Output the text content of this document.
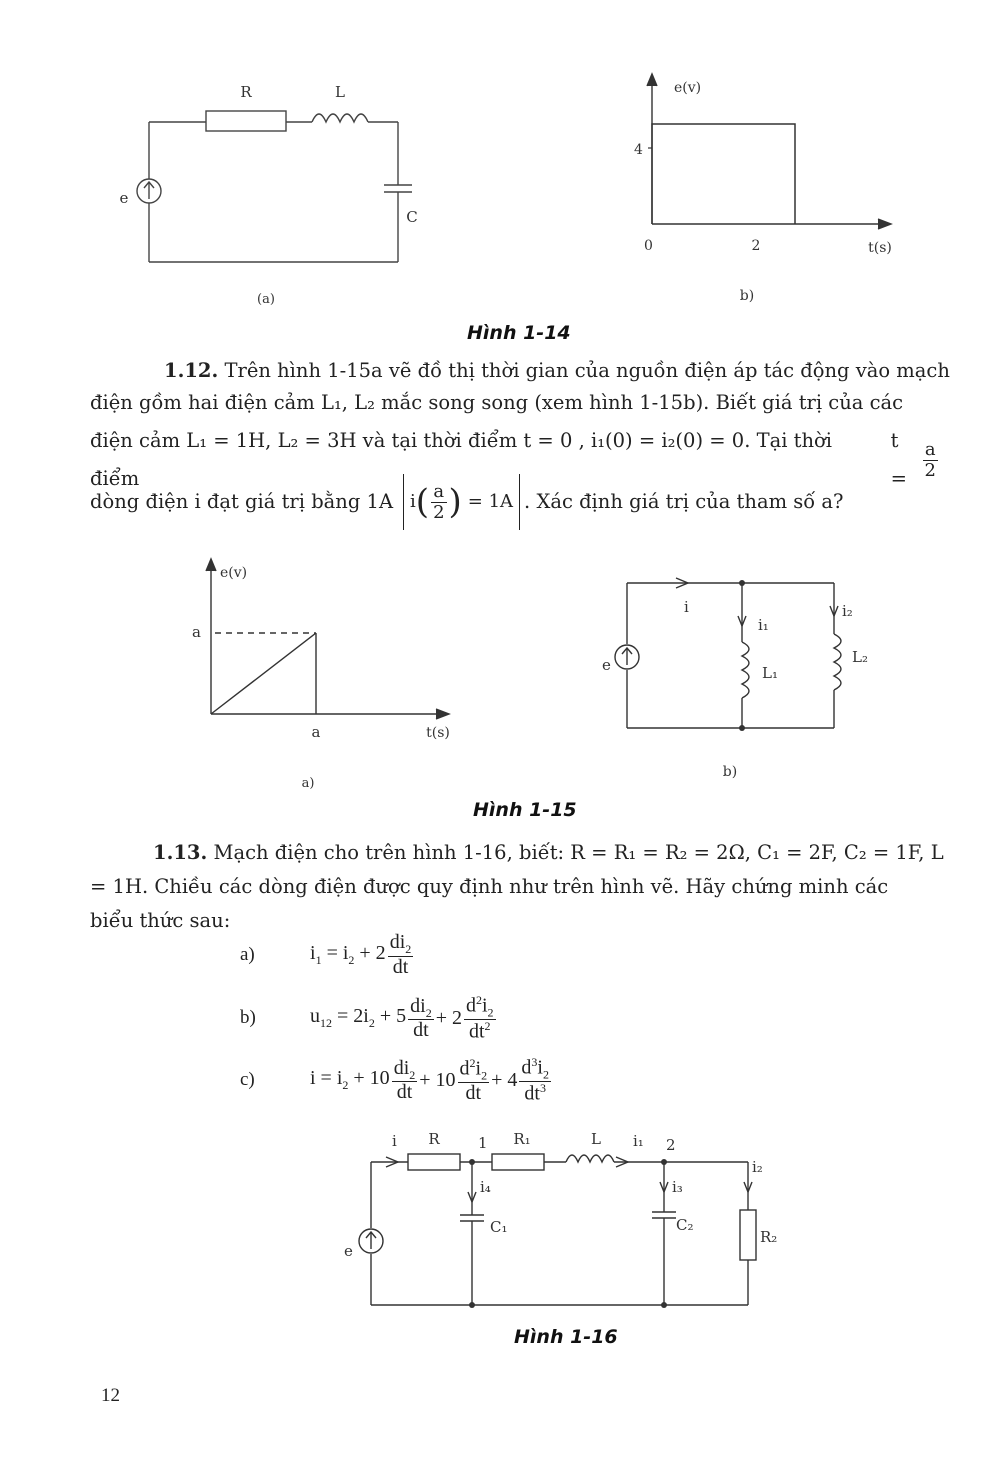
R	L
C
e
(a)
e(v)
t(s)
4
0	2
b)
Hình 1-14
1.12. Trên hình 1-15a vẽ đồ thị thời gian của nguồn điện áp tác động vào mạch
điện gồm hai điện cảm L₁, L₂ mắc song song (xem hình 1-15b). Biết giá trị của các
điện cảm L₁ = 1H, L₂ = 3H và tại thời điểm t = 0 , i₁(0) = i₂(0) = 0. Tại thời điểm
$t = \frac{a}{2}$
dòng điện i đạt giá trị bằng 1A i ( $\frac{a}{2}$ ) = 1A . Xác định giá trị của tham số a?
e(v)
a
a	t(s)
a)
i
i₁
i₂
L₁
L₂
e
b)
Hình 1-15
1.13. Mạch điện cho trên hình 1-16, biết: R = R₁ = R₂ = 2Ω, C₁ = 2F, C₂ = 1F, L
= 1H. Chiều các dòng điện được quy định như trên hình vẽ. Hãy chứng minh các
biểu thức sau:
a)	$i_1 = i_2 + 2 \frac{di_2}{dt}$
b)	$u_{12} = 2i_2 + 5 \frac{di_2}{dt} + 2 \frac{d^2i_2}{dt^2}$
c)	$i = i_2 + 10 \frac{di_2}{dt} + 10 \frac{d^2i_2}{dt} + 4 \frac{d^3i_2}{dt^3}$
i R	1 R₁	L i₁ 2
i₂
i₄	i₃
C₁	C₂
R₂
e
Hình 1-16
12
